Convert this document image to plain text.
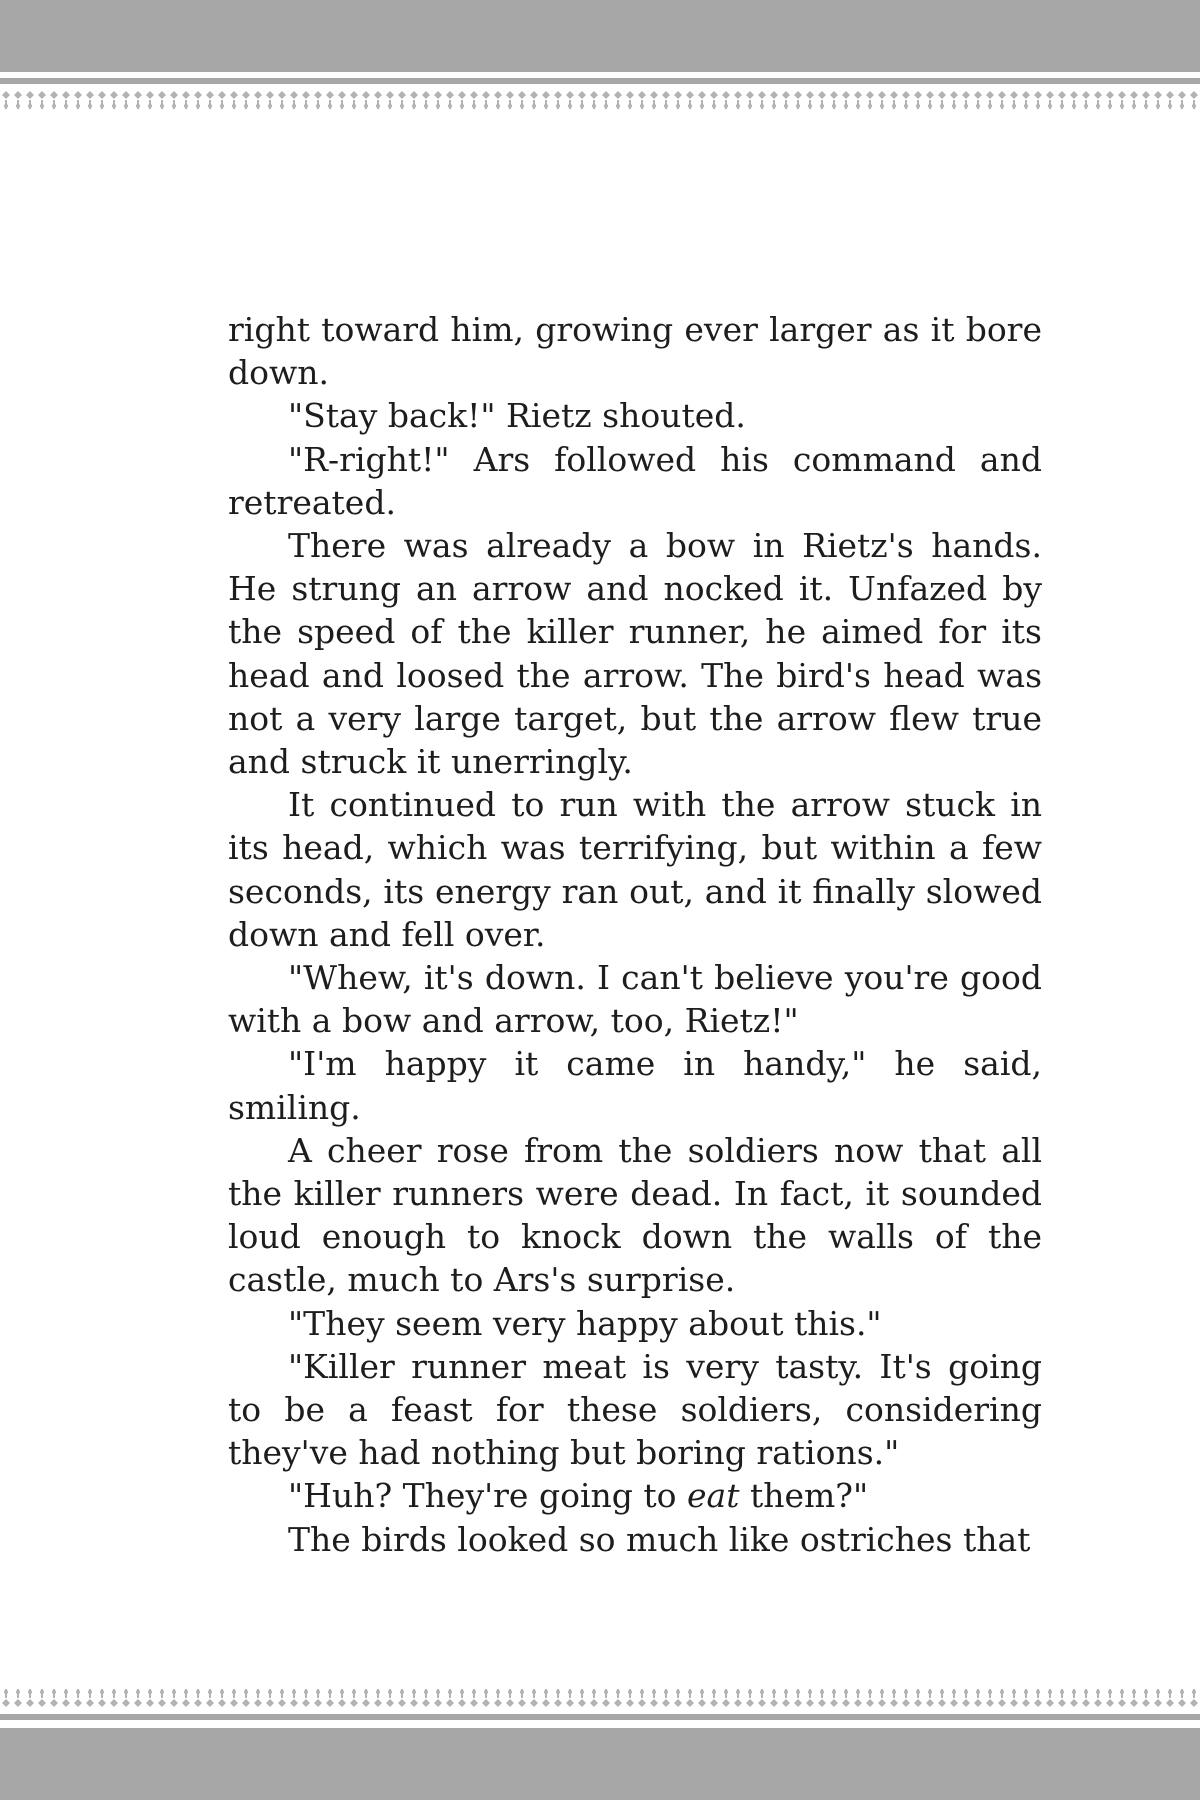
right toward him, growing ever larger as it bore down.

"Stay back!" Rietz shouted.

"R-right!" Ars followed his command and retreated.

There was already a bow in Rietz's hands. He strung an arrow and nocked it. Unfazed by the speed of the killer runner, he aimed for its head and loosed the arrow. The bird's head was not a very large target, but the arrow flew true and struck it unerringly.

It continued to run with the arrow stuck in its head, which was terrifying, but within a few seconds, its energy ran out, and it finally slowed down and fell over.

"Whew, it's down. I can't believe you're good with a bow and arrow, too, Rietz!"

"I'm happy it came in handy," he said, smiling.

A cheer rose from the soldiers now that all the killer runners were dead. In fact, it sounded loud enough to knock down the walls of the castle, much to Ars's surprise.

"They seem very happy about this."

"Killer runner meat is very tasty. It's going to be a feast for these soldiers, considering they've had nothing but boring rations."

"Huh? They're going to eat them?"

The birds looked so much like ostriches that
